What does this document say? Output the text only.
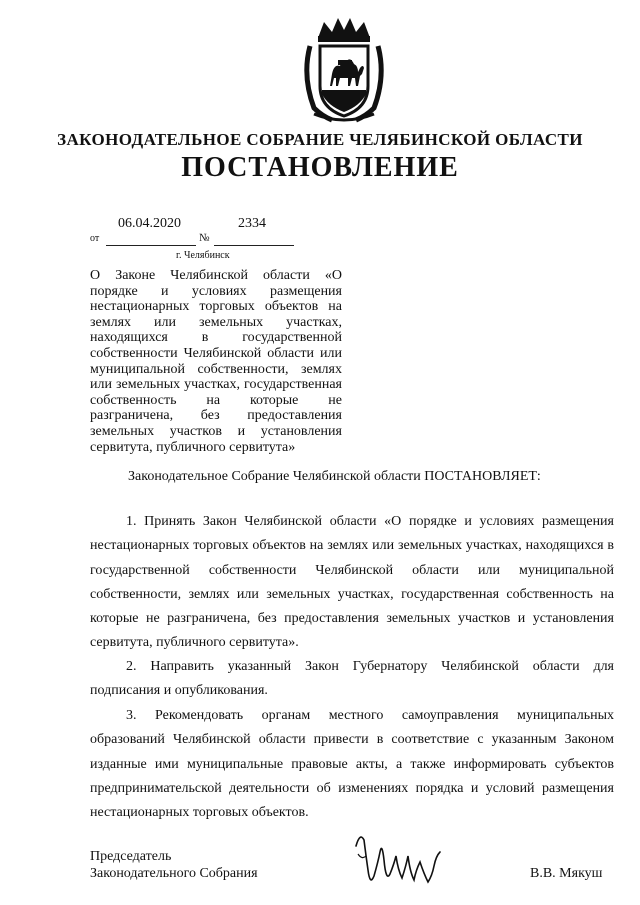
ЗАКОНОДАТЕЛЬНОЕ СОБРАНИЕ ЧЕЛЯБИНСКОЙ ОБЛАСТИ
ПОСТАНОВЛЕНИЕ
06.04.2020	2334
от	№
г. Челябинск
О Законе Челябинской области «О порядке и условиях размещения нестационарных торговых объектов на землях или земельных участках, находящихся в государственной собственности Челябинской области или муниципальной собственности, землях или земельных участках, государственная собственность на которые не разграничена, без предоставления земельных участков и установления сервитута, публичного сервитута»
Законодательное Собрание Челябинской области ПОСТАНОВЛЯЕТ:

1. Принять Закон Челябинской области «О порядке и условиях размещения нестационарных торговых объектов на землях или земельных участках, находящихся в государственной собственности Челябинской области или муниципальной собственности, землях или земельных участках, государственная собственность на которые не разграничена, без предоставления земельных участков и установления сервитута, публичного сервитута».

2. Направить указанный Закон Губернатору Челябинской области для подписания и опубликования.

3. Рекомендовать органам местного самоуправления муниципальных образований Челябинской области привести в соответствие с указанным Законом изданные ими муниципальные правовые акты, а также информировать субъектов предпринимательской деятельности об изменениях порядка и условий размещения нестационарных торговых объектов.

Председатель
Законодательного Собрания	В.В. Мякуш
